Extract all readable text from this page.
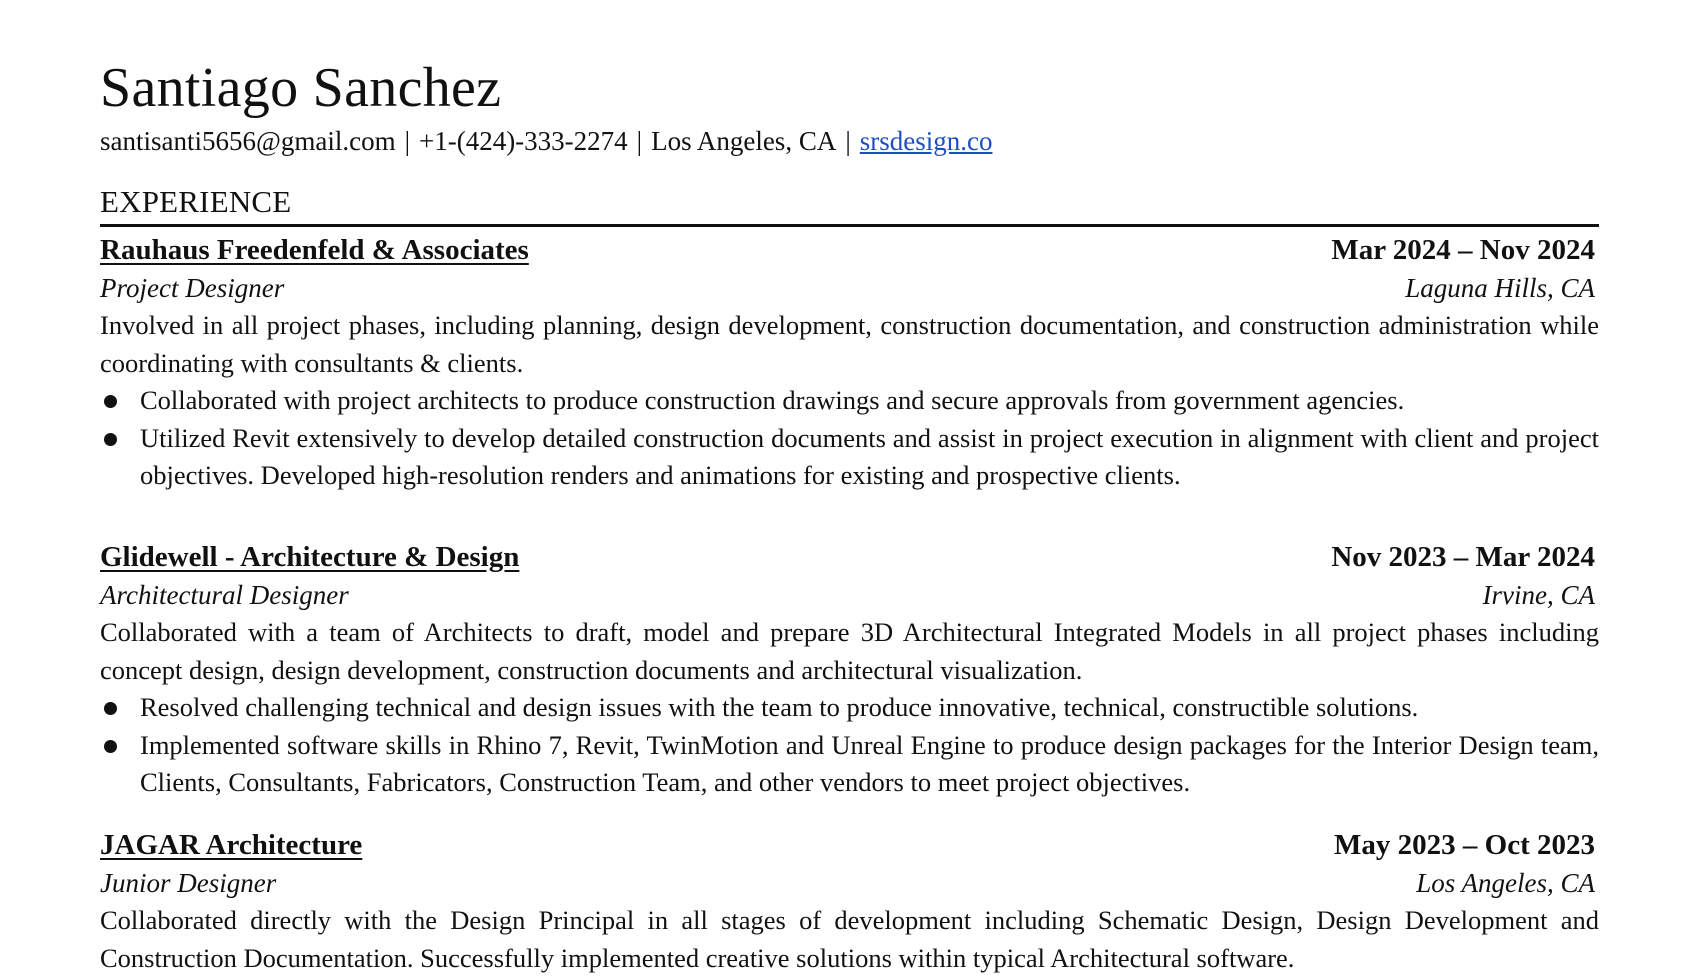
Santiago Sanchez
santisanti5656@gmail.com | +1-(424)-333-2274 | Los Angeles, CA | srsdesign.co
EXPERIENCE
Rauhaus Freedenfeld & Associates	Mar 2024 – Nov 2024
Project Designer	Laguna Hills, CA

Involved in all project phases, including planning, design development, construction documentation, and construction administration while coordinating with consultants & clients.

Collaborated with project architects to produce construction drawings and secure approvals from government agencies.
Utilized Revit extensively to develop detailed construction documents and assist in project execution in alignment with client and project objectives. Developed high-resolution renders and animations for existing and prospective clients.
Glidewell - Architecture & Design	Nov 2023 – Mar 2024
Architectural Designer	Irvine, CA

Collaborated with a team of Architects to draft, model and prepare 3D Architectural Integrated Models in all project phases including concept design, design development, construction documents and architectural visualization.

Resolved challenging technical and design issues with the team to produce innovative, technical, constructible solutions.
Implemented software skills in Rhino 7, Revit, TwinMotion and Unreal Engine to produce design packages for the Interior Design team, Clients, Consultants, Fabricators, Construction Team, and other vendors to meet project objectives.
JAGAR Architecture	May 2023 – Oct 2023
Junior Designer	Los Angeles, CA

Collaborated directly with the Design Principal in all stages of development including Schematic Design, Design Development and Construction Documentation. Successfully implemented creative solutions within typical Architectural software.
